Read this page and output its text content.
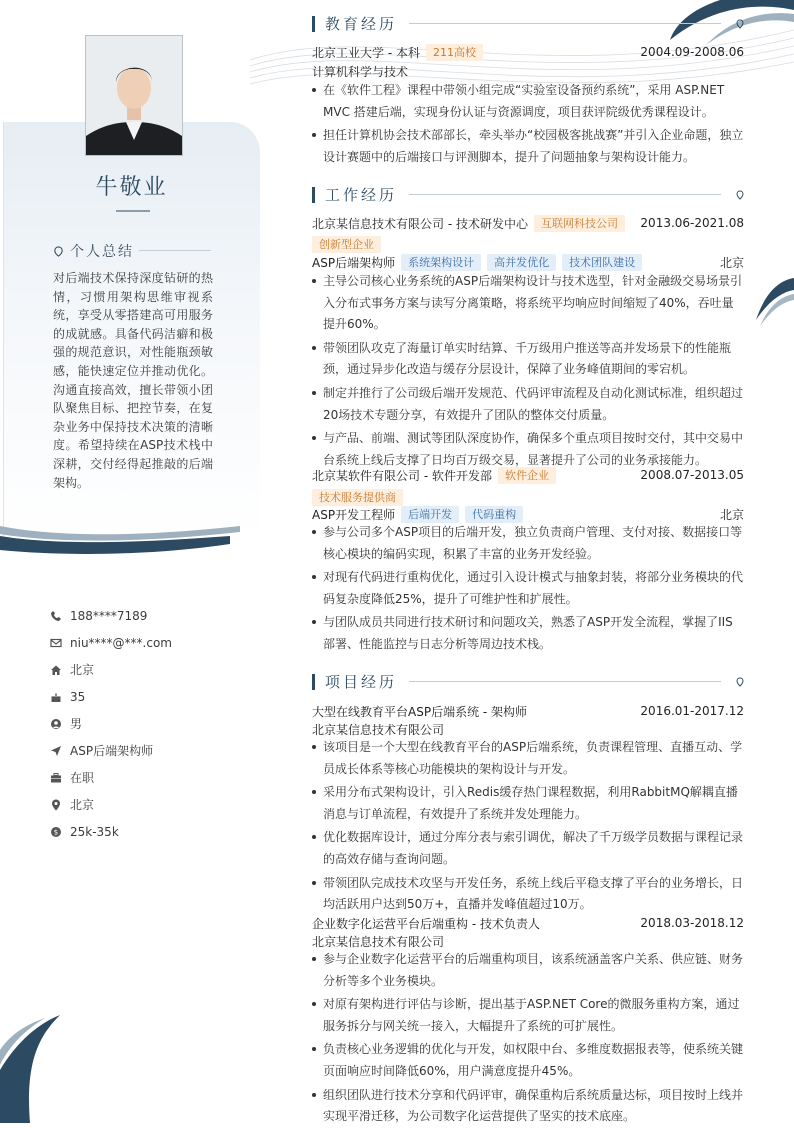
牛敬业
个人总结
对后端技术保持深度钻研的热情，习惯用架构思维审视系统，享受从零搭建高可用服务的成就感。具备代码洁癖和极强的规范意识，对性能瓶颈敏感，能快速定位并推动优化。沟通直接高效，擅长带领小团队聚焦目标、把控节奏，在复杂业务中保持技术决策的清晰度。希望持续在ASP技术栈中深耕，交付经得起推敲的后端架构。
188****7189
niu****@***.com
北京
35
男
ASP后端架构师
在职
北京
$ 25k-35k
教育经历
北京工业大学 - 本科	211高校	2004.09-2008.06
计算机科学与技术
在《软件工程》课程中带领小组完成“实验室设备预约系统”，采用 ASP.NET MVC 搭建后端，实现身份认证与资源调度，项目获评院级优秀课程设计。
担任计算机协会技术部部长，牵头举办“校园极客挑战赛”并引入企业命题，独立设计赛题中的后端接口与评测脚本，提升了问题抽象与架构设计能力。
工作经历
北京某信息技术有限公司 - 技术研发中心	互联网科技公司	2013.06-2021.08
创新型企业
ASP后端架构师	系统架构设计	高并发优化	技术团队建设	北京
主导公司核心业务系统的ASP后端架构设计与技术选型，针对金融级交易场景引入分布式事务方案与读写分离策略，将系统平均响应时间缩短了40%，吞吐量提升60%。
带领团队攻克了海量订单实时结算、千万级用户推送等高并发场景下的性能瓶颈，通过异步化改造与缓存分层设计，保障了业务峰值期间的零宕机。
制定并推行了公司级后端开发规范、代码评审流程及自动化测试标准，组织超过20场技术专题分享，有效提升了团队的整体交付质量。
与产品、前端、测试等团队深度协作，确保多个重点项目按时交付，其中交易中台系统上线后支撑了日均百万级交易，显著提升了公司的业务承接能力。
北京某软件有限公司 - 软件开发部	软件企业	2008.07-2013.05
技术服务提供商
ASP开发工程师	后端开发	代码重构	北京
参与公司多个ASP项目的后端开发，独立负责商户管理、支付对接、数据接口等核心模块的编码实现，积累了丰富的业务开发经验。
对现有代码进行重构优化，通过引入设计模式与抽象封装，将部分业务模块的代码复杂度降低25%，提升了可维护性和扩展性。
与团队成员共同进行技术研讨和问题攻关，熟悉了ASP开发全流程，掌握了IIS部署、性能监控与日志分析等周边技术栈。
项目经历
大型在线教育平台ASP后端系统 - 架构师	2016.01-2017.12
北京某信息技术有限公司
该项目是一个大型在线教育平台的ASP后端系统，负责课程管理、直播互动、学员成长体系等核心功能模块的架构设计与开发。
采用分布式架构设计，引入Redis缓存热门课程数据，利用RabbitMQ解耦直播消息与订单流程，有效提升了系统并发处理能力。
优化数据库设计，通过分库分表与索引调优，解决了千万级学员数据与课程记录的高效存储与查询问题。
带领团队完成技术攻坚与开发任务，系统上线后平稳支撑了平台的业务增长，日均活跃用户达到50万+，直播并发峰值超过10万。
企业数字化运营平台后端重构 - 技术负责人	2018.03-2018.12
北京某信息技术有限公司
参与企业数字化运营平台的后端重构项目，该系统涵盖客户关系、供应链、财务分析等多个业务模块。
对原有架构进行评估与诊断，提出基于ASP.NET Core的微服务重构方案，通过服务拆分与网关统一接入，大幅提升了系统的可扩展性。
负责核心业务逻辑的优化与开发，如权限中台、多维度数据报表等，使系统关键页面响应时间降低60%，用户满意度提升45%。
组织团队进行技术分享和代码评审，确保重构后系统质量达标，项目按时上线并实现平滑迁移，为公司数字化运营提供了坚实的技术底座。
